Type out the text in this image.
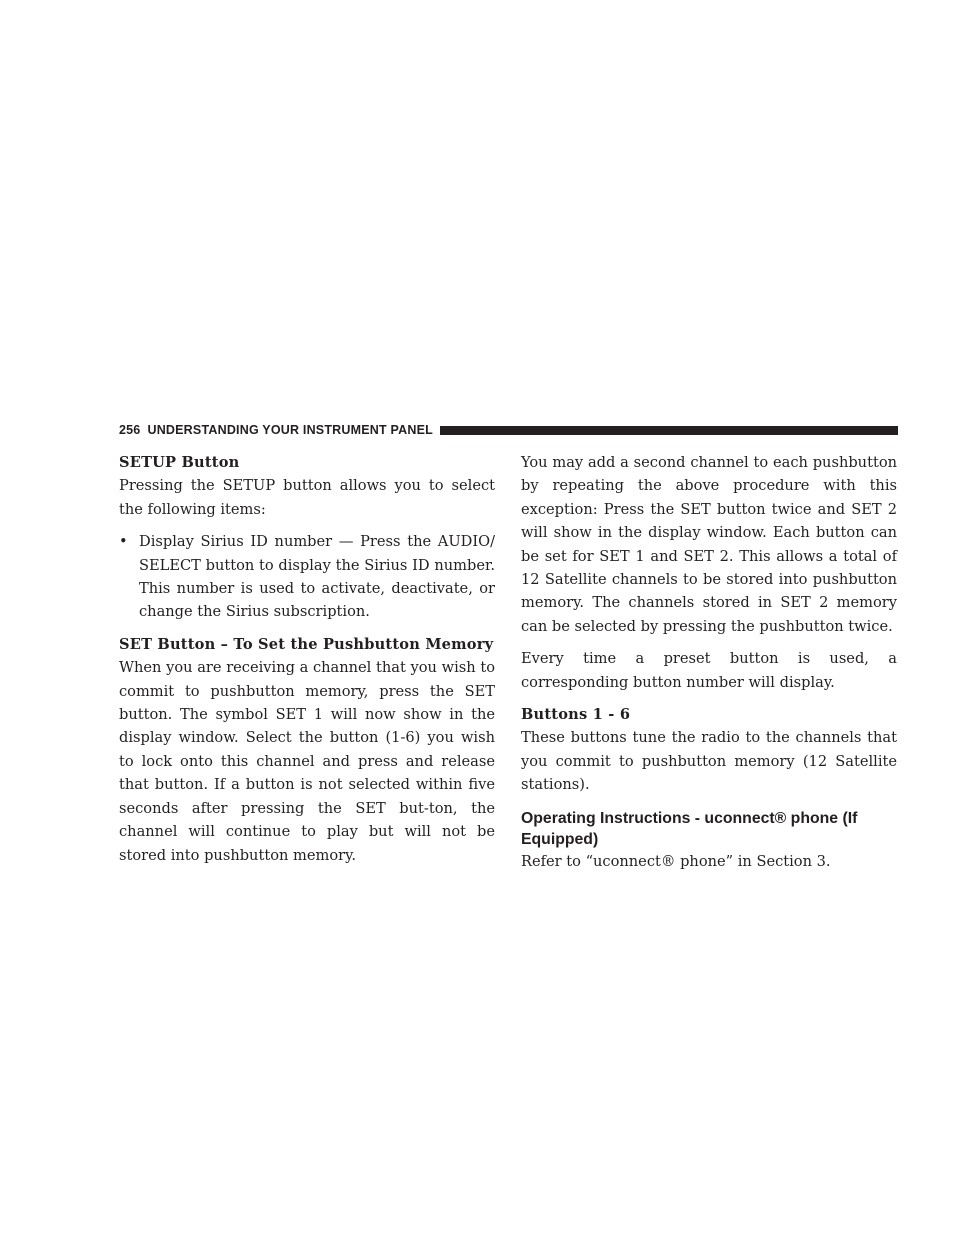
256 UNDERSTANDING YOUR INSTRUMENT PANEL
SETUP Button

Pressing the SETUP button allows you to select the following items:

• Display Sirius ID number — Press the AUDIO/ SELECT button to display the Sirius ID number. This number is used to activate, deactivate, or change the Sirius subscription.
SET Button – To Set the Pushbutton Memory

When you are receiving a channel that you wish to commit to pushbutton memory, press the SET button. The symbol SET 1 will now show in the display window. Select the button (1-6) you wish to lock onto this channel and press and release that button. If a button is not selected within five seconds after pressing the SET but-ton, the channel will continue to play but will not be stored into pushbutton memory.

You may add a second channel to each pushbutton by repeating the above procedure with this exception: Press the SET button twice and SET 2 will show in the display window. Each button can be set for SET 1 and SET 2. This allows a total of 12 Satellite channels to be stored into pushbutton memory. The channels stored in SET 2 memory can be selected by pressing the pushbutton twice.

Every time a preset button is used, a corresponding button number will display.

Buttons 1 - 6

These buttons tune the radio to the channels that you commit to pushbutton memory (12 Satellite stations).

Operating Instructions - uconnect® phone (If Equipped)

Refer to “uconnect® phone” in Section 3.
